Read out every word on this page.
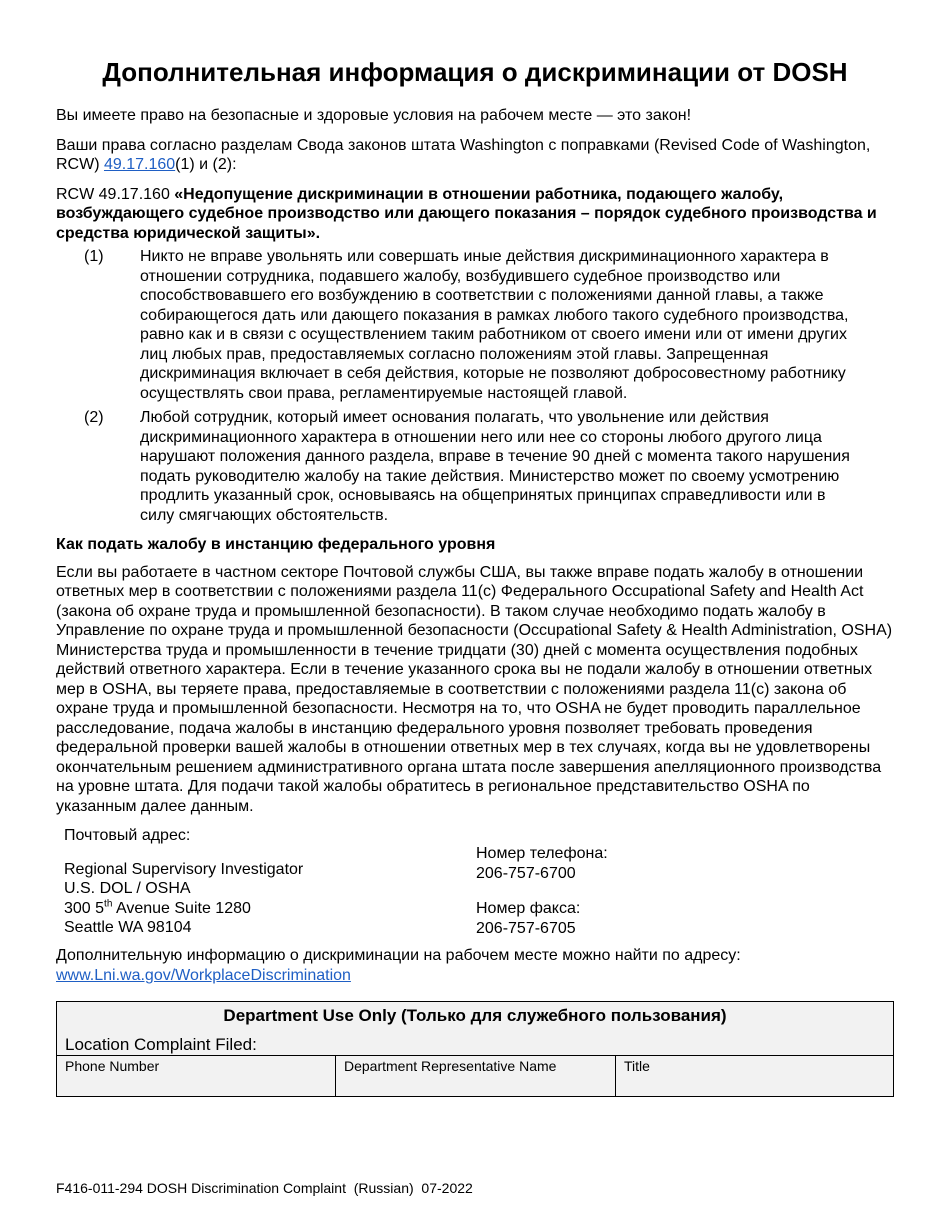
Дополнительная информация о дискриминации от DOSH

Вы имеете право на безопасные и здоровые условия на рабочем месте — это закон!

Ваши права согласно разделам Свода законов штата Washington с поправками (Revised Code of Washington, RCW) 49.17.160(1) и (2):

RCW 49.17.160 «Недопущение дискриминации в отношении работника, подающего жалобу, возбуждающего судебное производство или дающего показания – порядок судебного производства и средства юридической защиты».

(1)	Никто не вправе увольнять или совершать иные действия дискриминационного характера в отношении сотрудника, подавшего жалобу, возбудившего судебное производство или способствовавшего его возбуждению в соответствии с положениями данной главы, а также собирающегося дать или дающего показания в рамках любого такого судебного производства, равно как и в связи с осуществлением таким работником от своего имени или от имени других лиц любых прав, предоставляемых согласно положениям этой главы. Запрещенная дискриминация включает в себя действия, которые не позволяют добросовестному работнику осуществлять свои права, регламентируемые настоящей главой.
(2)	Любой сотрудник, который имеет основания полагать, что увольнение или действия дискриминационного характера в отношении него или нее со стороны любого другого лица нарушают положения данного раздела, вправе в течение 90 дней с момента такого нарушения подать руководителю жалобу на такие действия. Министерство может по своему усмотрению продлить указанный срок, основываясь на общепринятых принципах справедливости или в силу смягчающих обстоятельств.
Как подать жалобу в инстанцию федерального уровня

Если вы работаете в частном секторе Почтовой службы США, вы также вправе подать жалобу в отношении ответных мер в соответствии с положениями раздела 11(c) Федерального Occupational Safety and Health Act (закона об охране труда и промышленной безопасности). В таком случае необходимо подать жалобу в Управление по охране труда и промышленной безопасности (Occupational Safety & Health Administration, OSHA) Министерства труда и промышленности в течение тридцати (30) дней с момента осуществления подобных действий ответного характера. Если в течение указанного срока вы не подали жалобу в отношении ответных мер в OSHA, вы теряете права, предоставляемые в соответствии с положениями раздела 11(c) закона об охране труда и промышленной безопасности. Несмотря на то, что OSHA не будет проводить параллельное расследование, подача жалобы в инстанцию федерального уровня позволяет требовать проведения федеральной проверки вашей жалобы в отношении ответных мер в тех случаях, когда вы не удовлетворены окончательным решением административного органа штата после завершения апелляционного производства на уровне штата. Для подачи такой жалобы обратитесь в региональное представительство OSHA по указанным далее данным.

Почтовый адрес:

Regional Supervisory Investigator

U.S. DOL / OSHA

300 5th Avenue Suite 1280

Seattle WA 98104

Номер телефона:

206-757-6700

Номер факса:

206-757-6705

Дополнительную информацию о дискриминации на рабочем месте можно найти по адресу:

www.Lni.wa.gov/WorkplaceDiscrimination

Department Use Only (Только для служебного пользования)
Location Complaint Filed:
Phone Number	Department Representative Name	Title
F416-011-294 DOSH Discrimination Complaint  (Russian)  07-2022
